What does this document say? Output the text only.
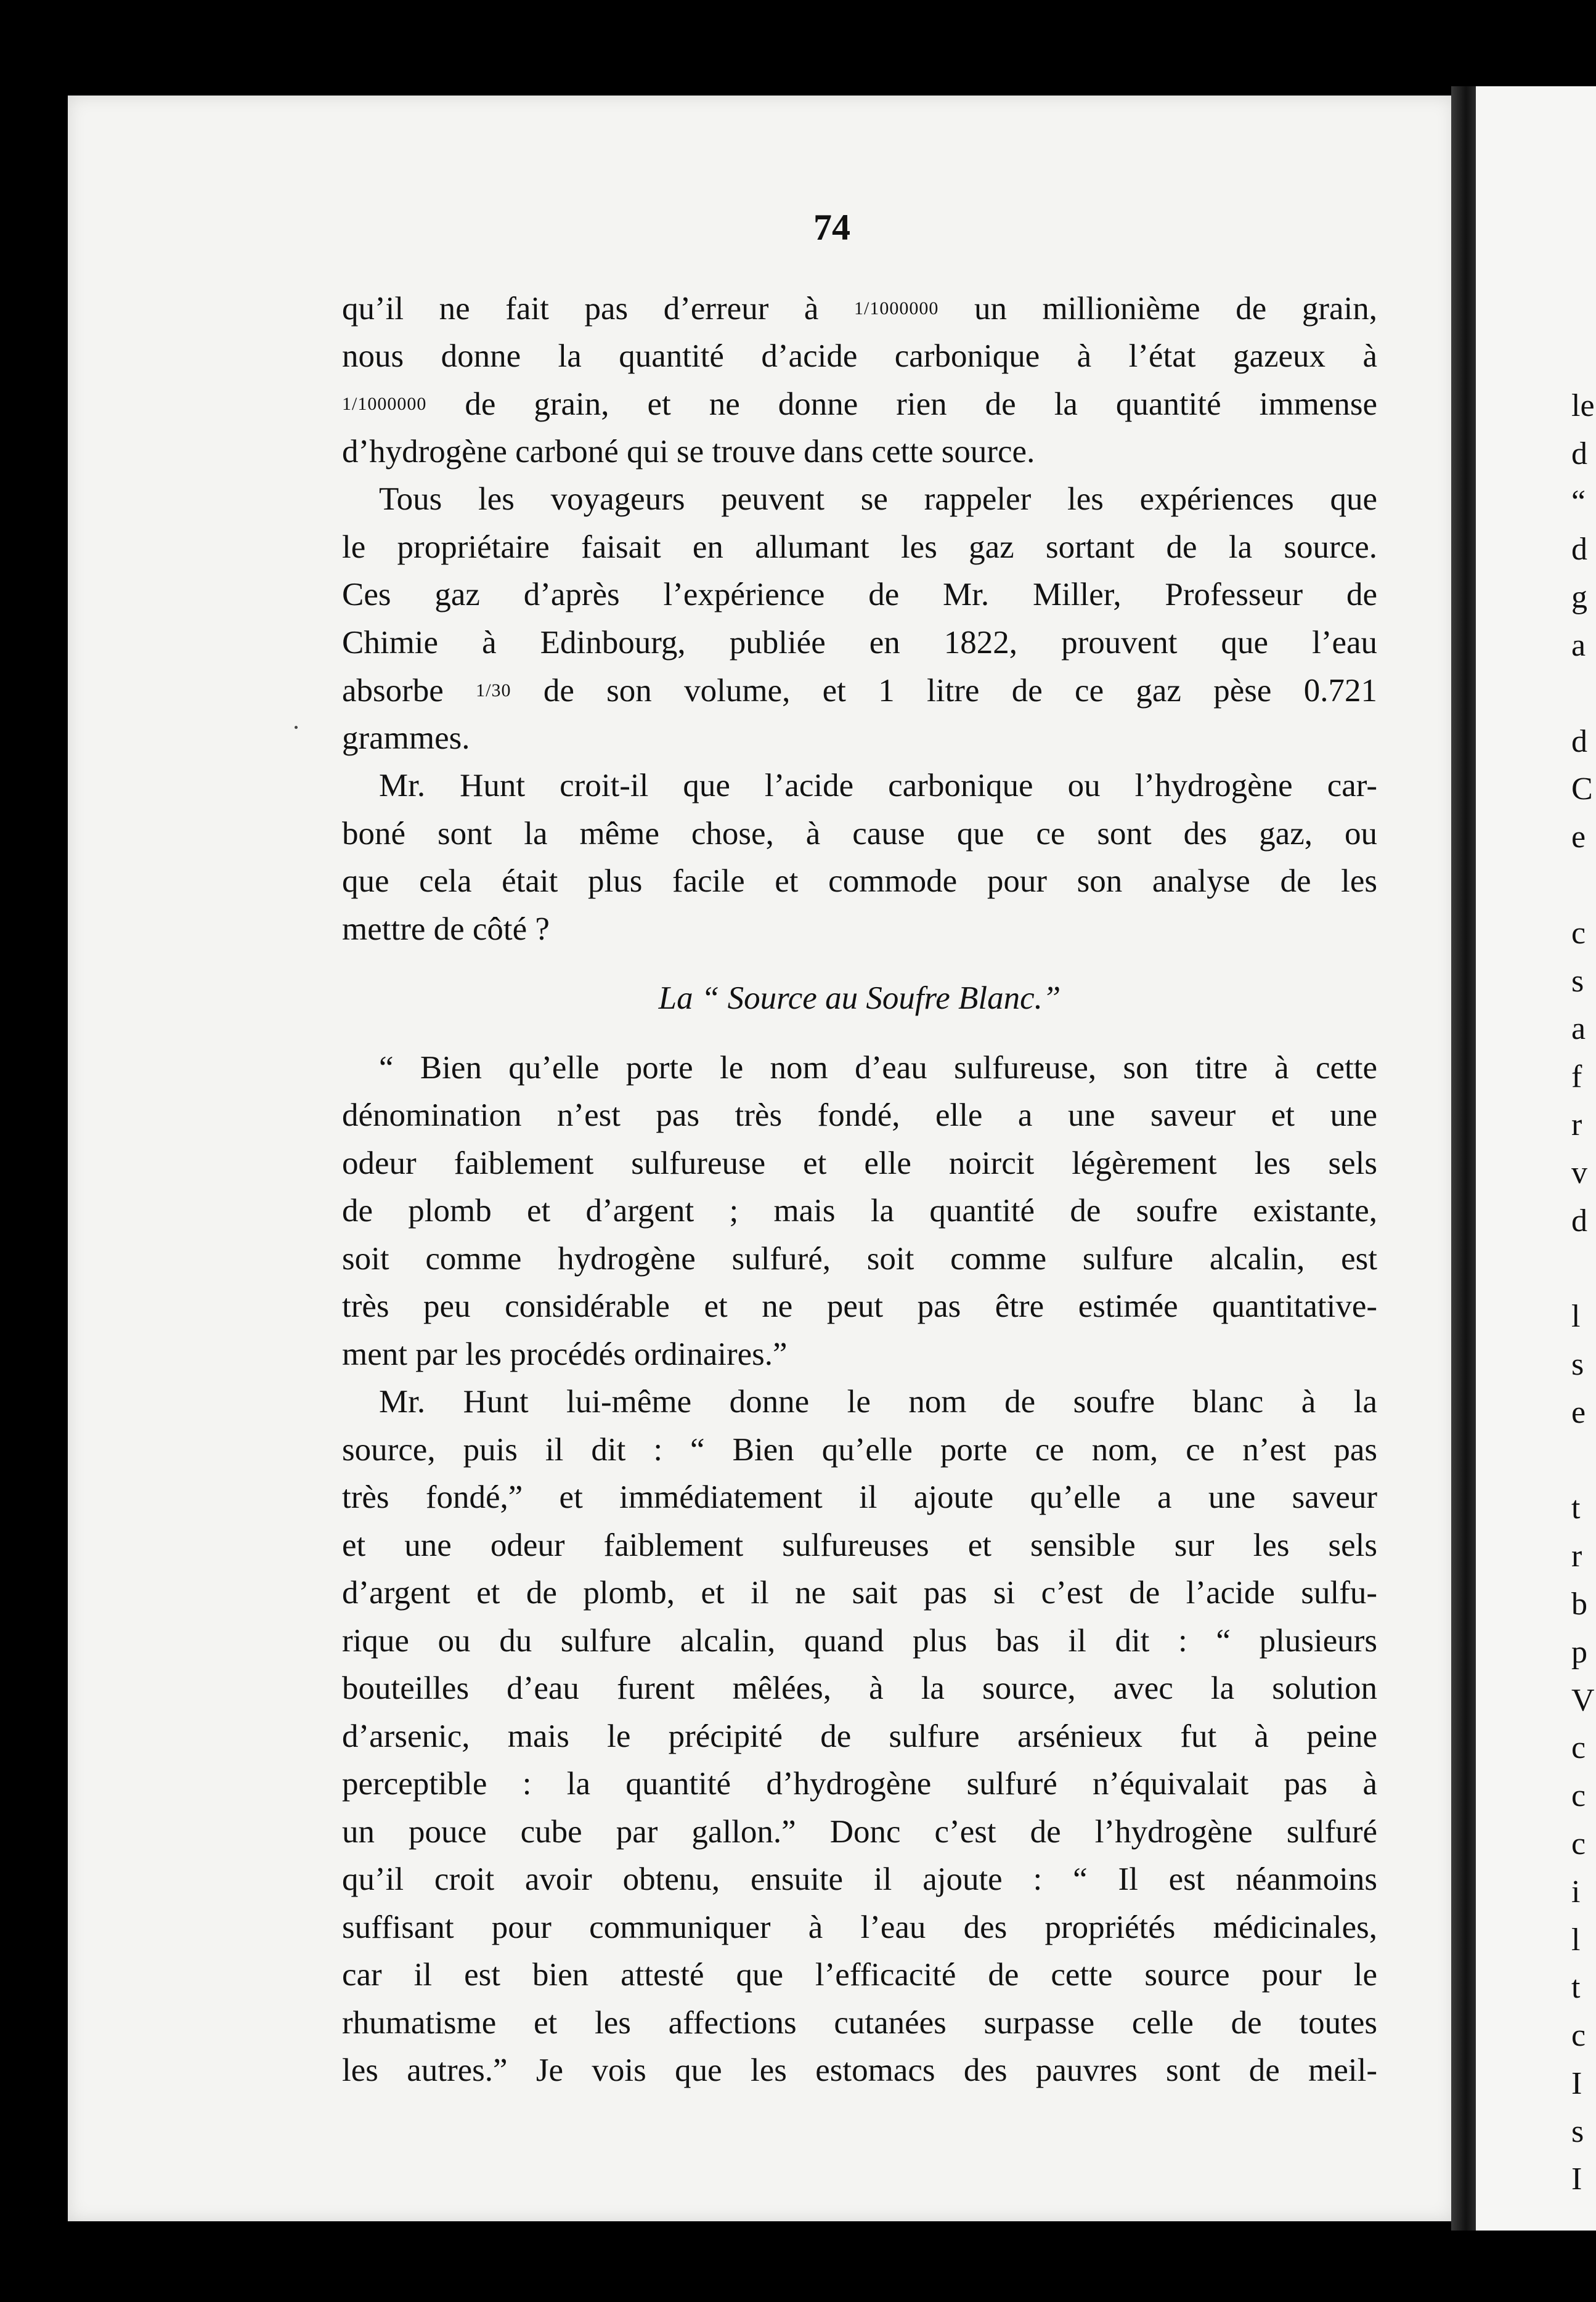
le
d
“
d
g
a
d
C
e
c
s
a
f
r
v
d
l
s
e
t
r
b
p
V
c
c
c
i
l
t
c
I
s
I
74
qu’il ne fait pas d’erreur à 1/1000000 un millionième de grain,
nous donne la quantité d’acide carbonique à l’état gazeux à
1/1000000 de grain, et ne donne rien de la quantité immense
d’hydrogène carboné qui se trouve dans cette source.
Tous les voyageurs peuvent se rappeler les expériences que
le propriétaire faisait en allumant les gaz sortant de la source.
Ces gaz d’après l’expérience de Mr. Miller, Professeur de
Chimie à Edinbourg, publiée en 1822, prouvent que l’eau
absorbe 1/30 de son volume, et 1 litre de ce gaz pèse 0.721
grammes.
Mr. Hunt croit-il que l’acide carbonique ou l’hydrogène car-
boné sont la même chose, à cause que ce sont des gaz, ou
que cela était plus facile et commode pour son analyse de les
mettre de côté ?
La “ Source au Soufre Blanc.”
“ Bien qu’elle porte le nom d’eau sulfureuse, son titre à cette
dénomination n’est pas très fondé, elle a une saveur et une
odeur faiblement sulfureuse et elle noircit légèrement les sels
de plomb et d’argent ; mais la quantité de soufre existante,
soit comme hydrogène sulfuré, soit comme sulfure alcalin, est
très peu considérable et ne peut pas être estimée quantitative-
ment par les procédés ordinaires.”
Mr. Hunt lui-même donne le nom de soufre blanc à la
source, puis il dit : “ Bien qu’elle porte ce nom, ce n’est pas
très fondé,” et immédiatement il ajoute qu’elle a une saveur
et une odeur faiblement sulfureuses et sensible sur les sels
d’argent et de plomb, et il ne sait pas si c’est de l’acide sulfu-
rique ou du sulfure alcalin, quand plus bas il dit : “ plusieurs
bouteilles d’eau furent mêlées, à la source, avec la solution
d’arsenic, mais le précipité de sulfure arsénieux fut à peine
perceptible : la quantité d’hydrogène sulfuré n’équivalait pas à
un pouce cube par gallon.” Donc c’est de l’hydrogène sulfuré
qu’il croit avoir obtenu, ensuite il ajoute : “ Il est néanmoins
suffisant pour communiquer à l’eau des propriétés médicinales,
car il est bien attesté que l’efficacité de cette source pour le
rhumatisme et les affections cutanées surpasse celle de toutes
les autres.” Je vois que les estomacs des pauvres sont de meil-
